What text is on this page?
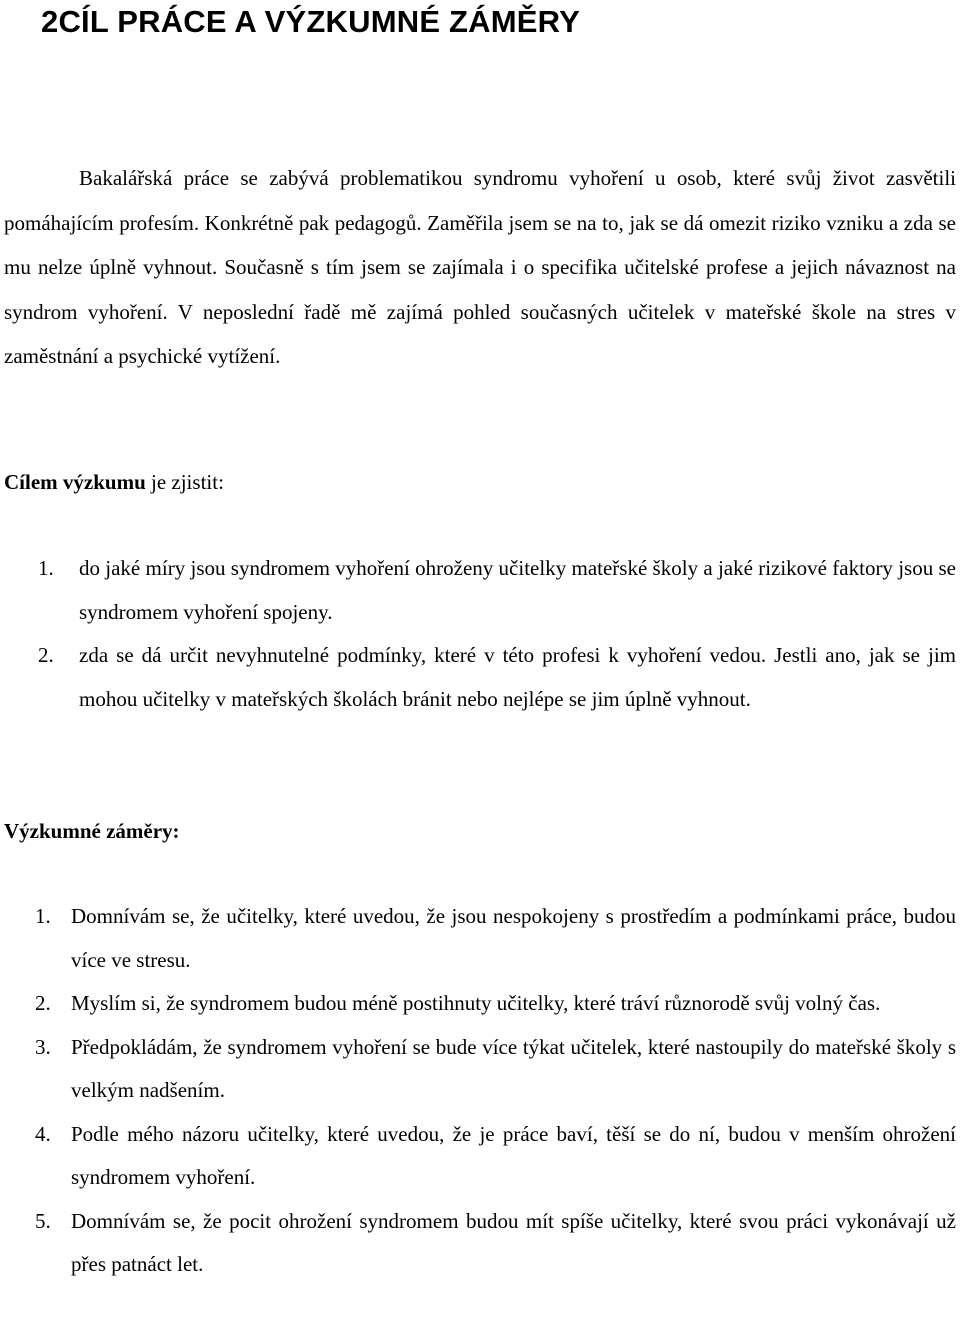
2CÍL PRÁCE A VÝZKUMNÉ ZÁMĚRY

Bakalářská práce se zabývá problematikou syndromu vyhoření u osob, které svůj život zasvětili pomáhajícím profesím. Konkrétně pak pedagogů. Zaměřila jsem se na to, jak se dá omezit riziko vzniku a zda se mu nelze úplně vyhnout. Současně s tím jsem se zajímala i o specifika učitelské profese a jejich návaznost na syndrom vyhoření. V neposlední řadě mě zajímá pohled současných učitelek v mateřské škole na stres v zaměstnání a psychické vytížení.

Cílem výzkumu je zjistit:

1. do jaké míry jsou syndromem vyhoření ohroženy učitelky mateřské školy a jaké rizikové faktory jsou se syndromem vyhoření spojeny.
2. zda se dá určit nevyhnutelné podmínky, které v této profesi k vyhoření vedou. Jestli ano, jak se jim mohou učitelky v mateřských školách bránit nebo nejlépe se jim úplně vyhnout.

Výzkumné záměry:

1. Domnívám se, že učitelky, které uvedou, že jsou nespokojeny s prostředím a podmínkami práce, budou více ve stresu.
2. Myslím si, že syndromem budou méně postihnuty učitelky, které tráví různorodě svůj volný čas.
3. Předpokládám, že syndromem vyhoření se bude více týkat učitelek, které nastoupily do mateřské školy s velkým nadšením.
4. Podle mého názoru učitelky, které uvedou, že je práce baví, těší se do ní, budou v menším ohrožení syndromem vyhoření.
5. Domnívám se, že pocit ohrožení syndromem budou mít spíše učitelky, které svou práci vykonávají už přes patnáct let.
